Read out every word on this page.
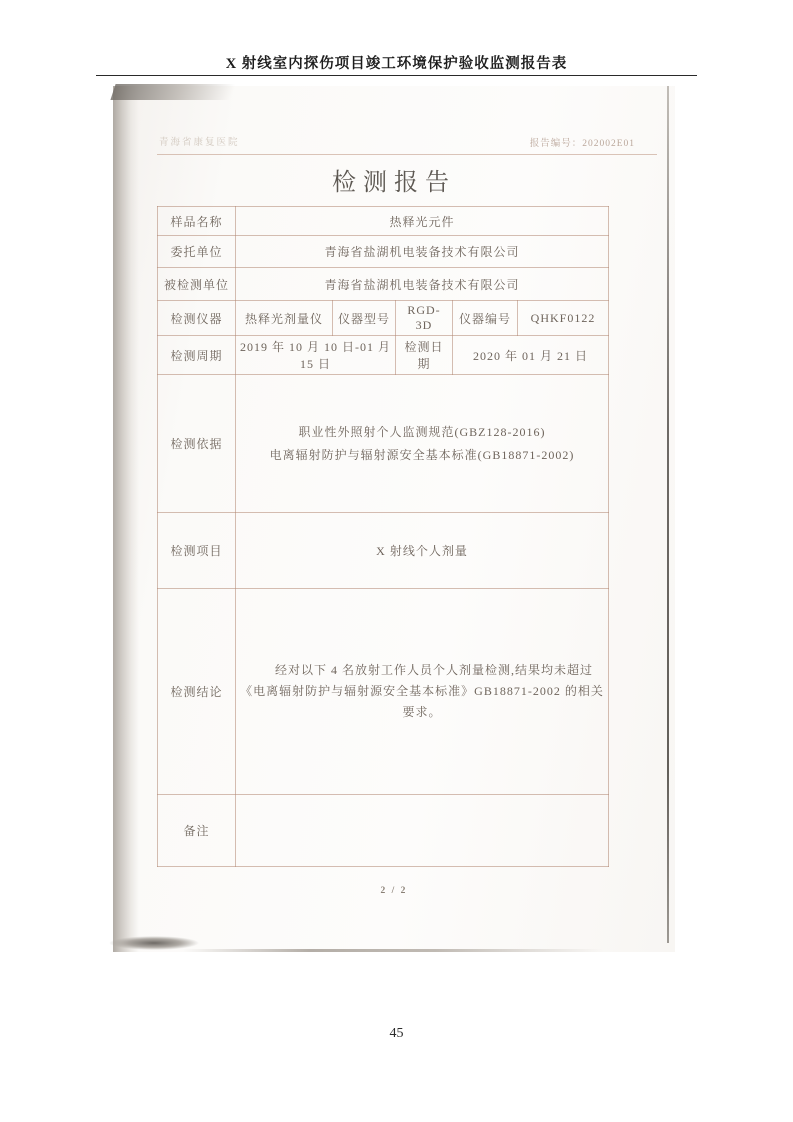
X 射线室内探伤项目竣工环境保护验收监测报告表
青海省康复医院	报告编号：202002E01
检测报告
样品名称	热释光元件				
委托单位	青海省盐湖机电装备技术有限公司				
被检测单位	青海省盐湖机电装备技术有限公司				
检测仪器	热释光剂量仪	仪器型号	RGD-3D	仪器编号	QHKF0122
检测周期	2019 年 10 月 10 日-01 月 15 日		检测日期	2020 年 01 月 21 日	
检测依据	职业性外照射个人监测规范(GBZ128-2016)
电离辐射防护与辐射源安全基本标准(GB18871-2002)				

检测项目	X 射线个人剂量				
检测结论	经对以下 4 名放射工作人员个人剂量检测,结果均未超过《电离辐射防护与辐射源安全基本标准》GB18871-2002 的相关要求。				

备注					
2 / 2
45
